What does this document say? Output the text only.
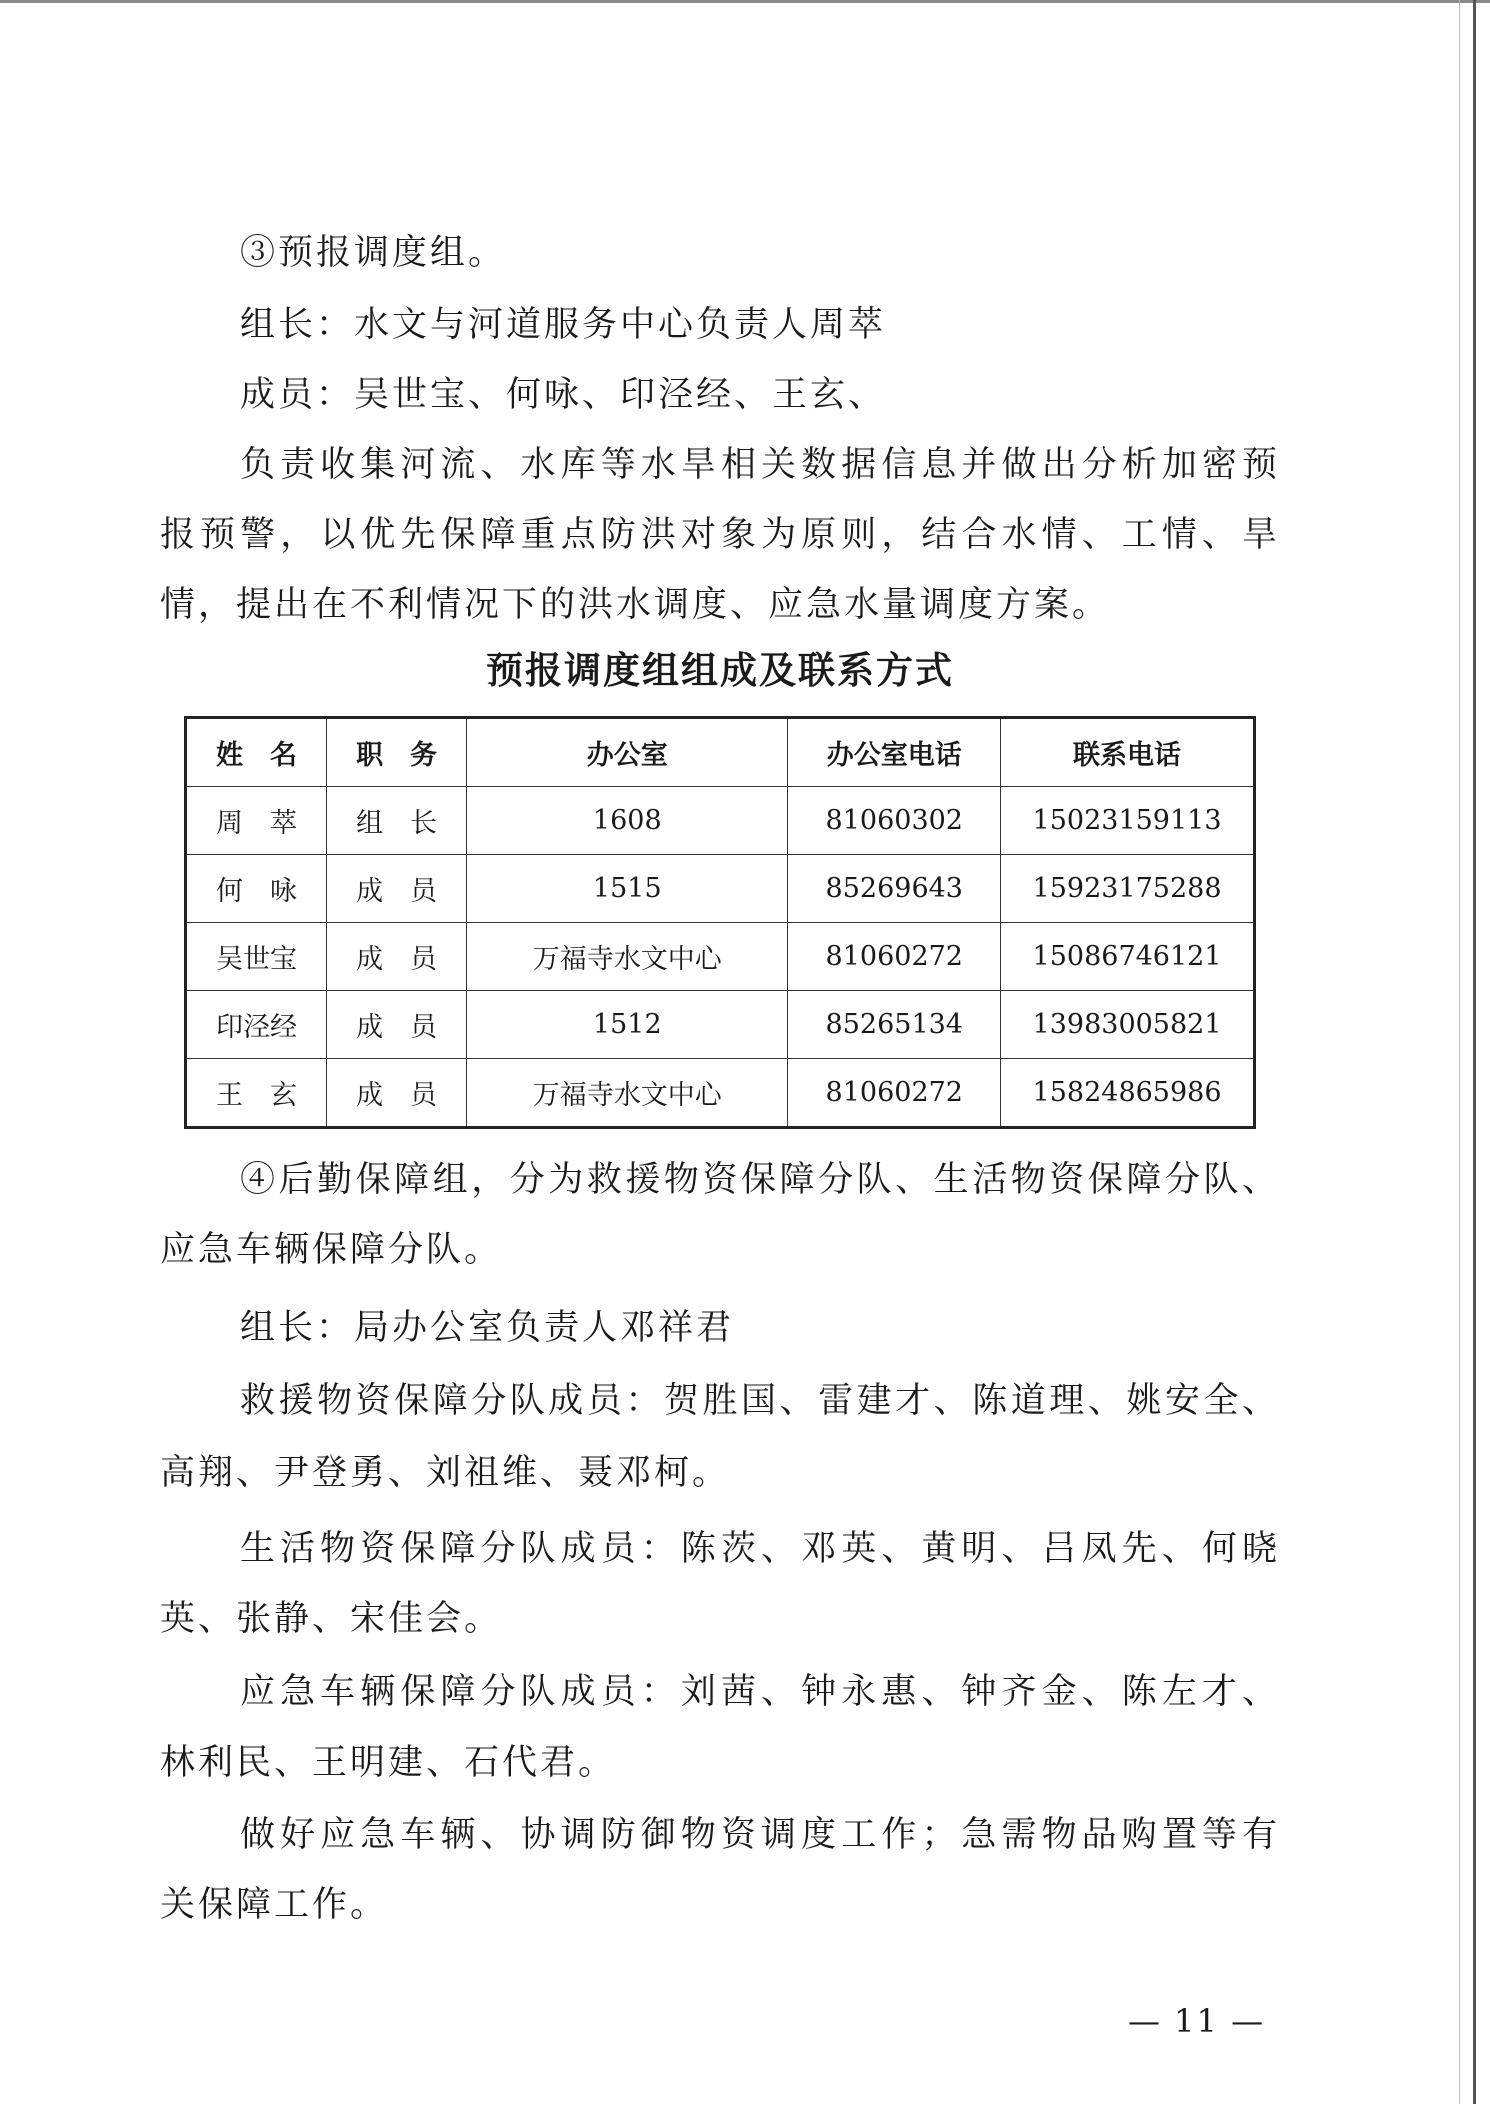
③预报调度组。

组长：水文与河道服务中心负责人周萃

成员：吴世宝、何咏、印泾经、王玄、

负责收集河流、水库等水旱相关数据信息并做出分析加密预

报预警，以优先保障重点防洪对象为原则，结合水情、工情、旱

情，提出在不利情况下的洪水调度、应急水量调度方案。

预报调度组组成及联系方式
姓　名	职　务	办公室	办公室电话	联系电话
周　萃	组　长	1608	81060302	15023159113
何　咏	成　员	1515	85269643	15923175288
吴世宝	成　员	万福寺水文中心	81060272	15086746121
印泾经	成　员	1512	85265134	13983005821
王　玄	成　员	万福寺水文中心	81060272	15824865986

④后勤保障组，分为救援物资保障分队、生活物资保障分队、

应急车辆保障分队。

组长：局办公室负责人邓祥君

救援物资保障分队成员：贺胜国、雷建才、陈道理、姚安全、

高翔、尹登勇、刘祖维、聂邓柯。

生活物资保障分队成员：陈茨、邓英、黄明、吕凤先、何晓

英、张静、宋佳会。

应急车辆保障分队成员：刘茜、钟永惠、钟齐金、陈左才、

林利民、王明建、石代君。

做好应急车辆、协调防御物资调度工作；急需物品购置等有

关保障工作。

— 11 —
